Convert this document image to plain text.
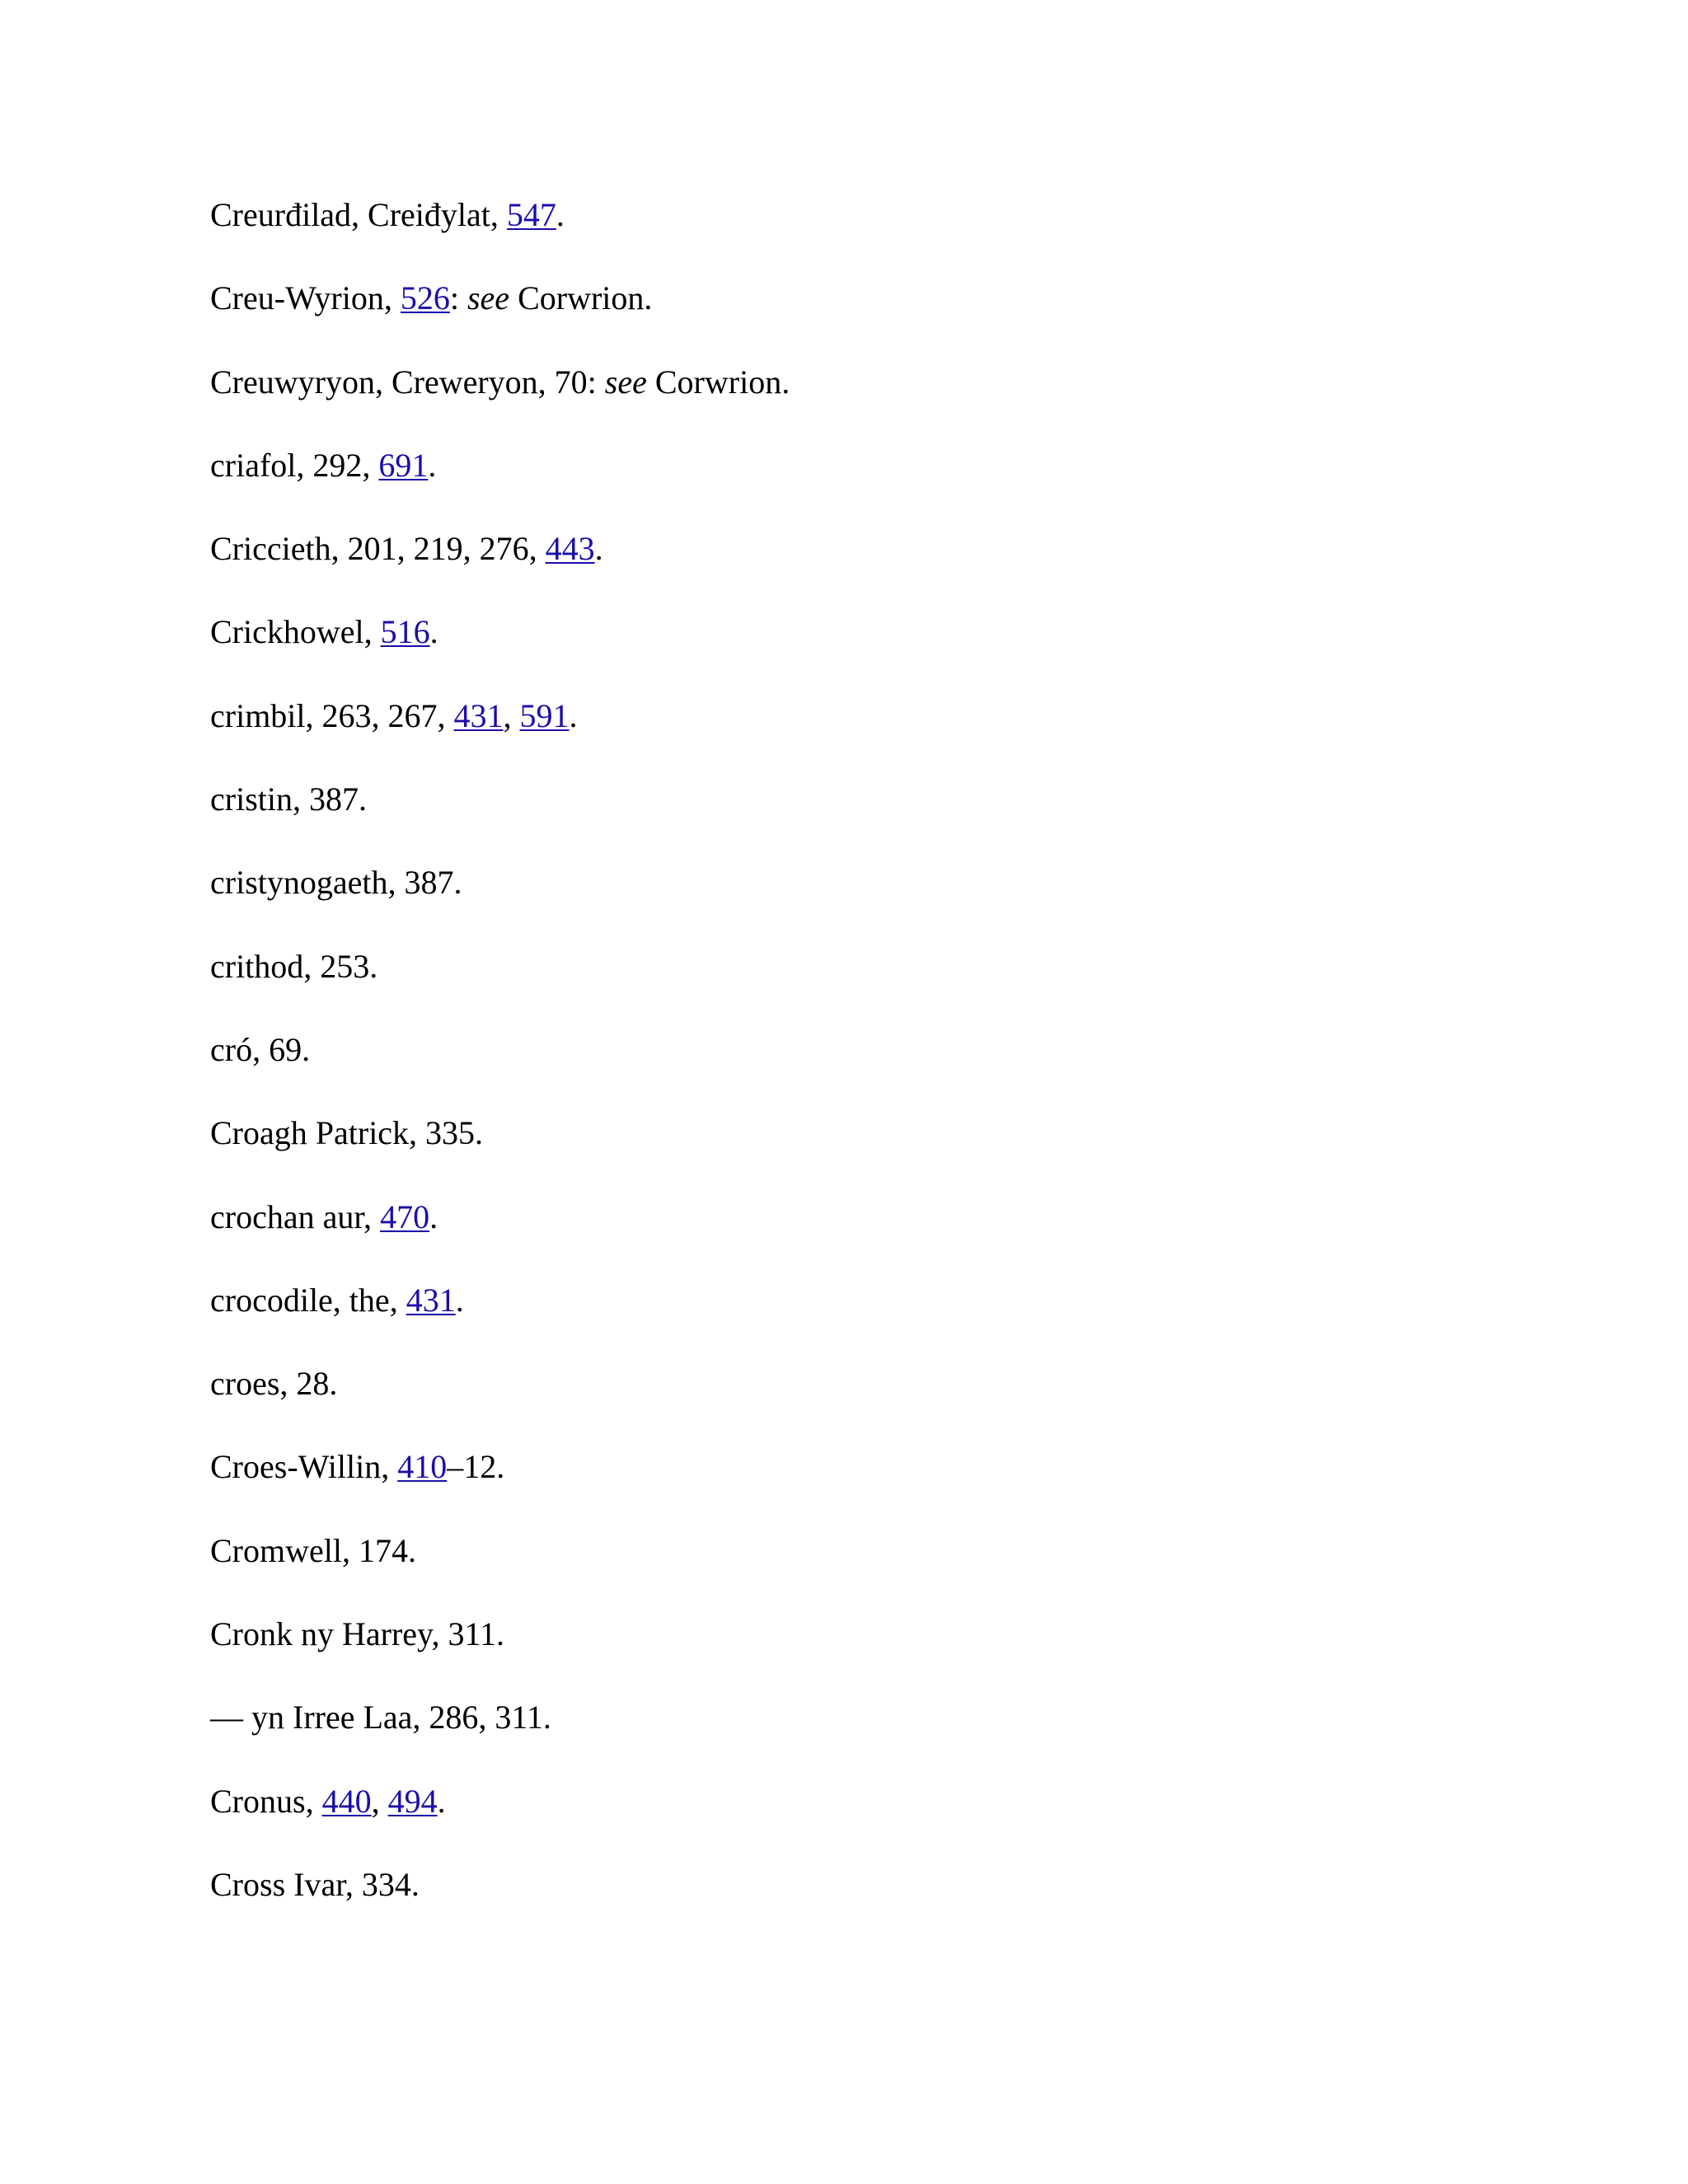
Creurđilad, Creiđylat, 547.

Creu-Wyrion, 526: see Corwrion.

Creuwyryon, Creweryon, 70: see Corwrion.

criafol, 292, 691.

Criccieth, 201, 219, 276, 443.

Crickhowel, 516.

crimbil, 263, 267, 431, 591.

cristin, 387.

cristynogaeth, 387.

crithod, 253.

cró, 69.

Croagh Patrick, 335.

crochan aur, 470.

crocodile, the, 431.

croes, 28.

Croes-Willin, 410–12.

Cromwell, 174.

Cronk ny Harrey, 311.

— yn Irree Laa, 286, 311.

Cronus, 440, 494.

Cross Ivar, 334.
